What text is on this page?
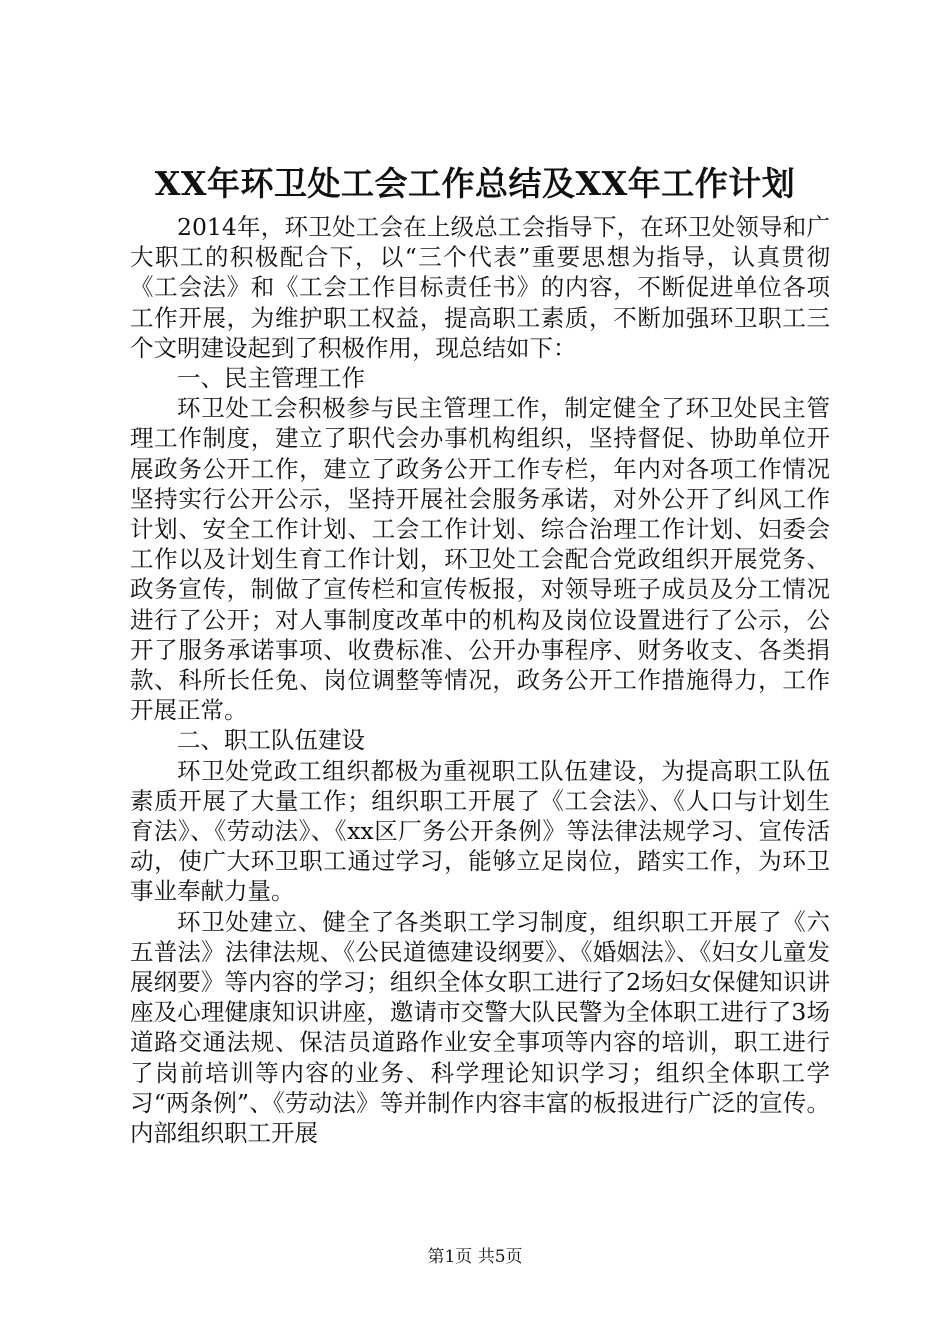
XX年环卫处工会工作总结及XX年工作计划

2014年，环卫处工会在上级总工会指导下，在环卫处领导和广大职工的积极配合下，以“三个代表”重要思想为指导，认真贯彻《工会法》和《工会工作目标责任书》的内容，不断促进单位各项工作开展，为维护职工权益，提高职工素质，不断加强环卫职工三个文明建设起到了积极作用，现总结如下：

一、民主管理工作

环卫处工会积极参与民主管理工作，制定健全了环卫处民主管理工作制度，建立了职代会办事机构组织，坚持督促、协助单位开展政务公开工作，建立了政务公开工作专栏，年内对各项工作情况坚持实行公开公示，坚持开展社会服务承诺，对外公开了纠风工作计划、安全工作计划、工会工作计划、综合治理工作计划、妇委会工作以及计划生育工作计划，环卫处工会配合党政组织开展党务、政务宣传，制做了宣传栏和宣传板报，对领导班子成员及分工情况进行了公开；对人事制度改革中的机构及岗位设置进行了公示，公开了服务承诺事项、收费标准、公开办事程序、财务收支、各类捐款、科所长任免、岗位调整等情况，政务公开工作措施得力，工作开展正常。

二、职工队伍建设

环卫处党政工组织都极为重视职工队伍建设，为提高职工队伍素质开展了大量工作；组织职工开展了《工会法》、《人口与计划生育法》、《劳动法》、《xx区厂务公开条例》等法律法规学习、宣传活动，使广大环卫职工通过学习，能够立足岗位，踏实工作，为环卫事业奉献力量。

环卫处建立、健全了各类职工学习制度，组织职工开展了《六五普法》法律法规、《公民道德建设纲要》、《婚姻法》、《妇女儿童发展纲要》等内容的学习；组织全体女职工进行了2场妇女保健知识讲座及心理健康知识讲座，邀请市交警大队民警为全体职工进行了3场道路交通法规、保洁员道路作业安全事项等内容的培训，职工进行了岗前培训等内容的业务、科学理论知识学习；组织全体职工学习“两条例”、《劳动法》等并制作内容丰富的板报进行广泛的宣传。内部组织职工开展

第1页 共5页
